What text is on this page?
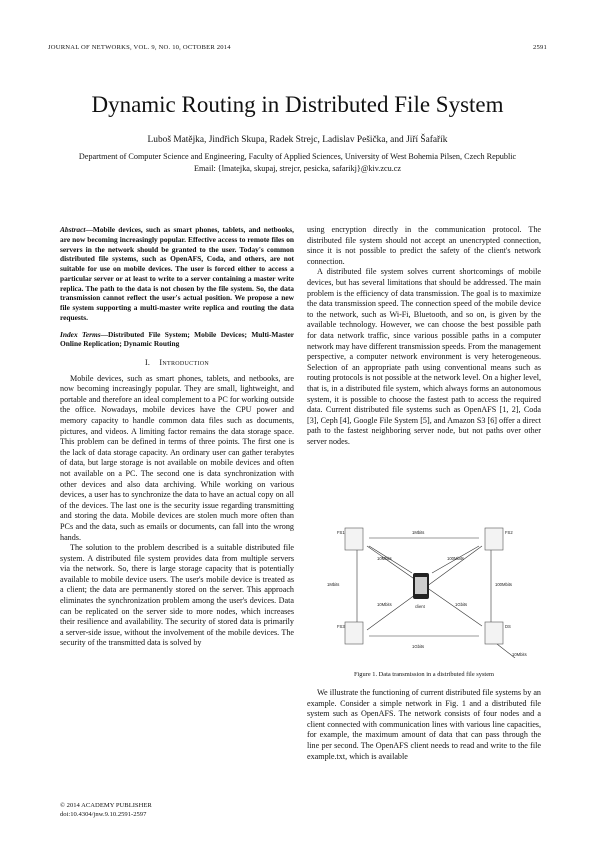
JOURNAL OF NETWORKS, VOL. 9, NO. 10, OCTOBER 2014	2591
Dynamic Routing in Distributed File System
Luboš Matějka, Jindřich Skupa, Radek Strejc, Ladislav Pešička, and Jiří Šafařík
Department of Computer Science and Engineering, Faculty of Applied Sciences, University of West Bohemia Pilsen, Czech Republic
Email: {lmatejka, skupaj, strejcr, pesicka, safarikj}@kiv.zcu.cz

Abstract—Mobile devices, such as smart phones, tablets, and netbooks, are now becoming increasingly popular. Effective access to remote files on servers in the network should be granted to the user. Today's common distributed file systems, such as OpenAFS, Coda, and others, are not suitable for use on mobile devices. The user is forced either to access a particular server or at least to write to a server containing a master write replica. The path to the data is not chosen by the file system. So, the data transmission cannot reflect the user's actual position. We propose a new file system supporting a multi-master write replica and routing the data requests.

Index Terms—Distributed File System; Mobile Devices; Multi-Master Online Replication; Dynamic Routing

I. Introduction

Mobile devices, such as smart phones, tablets, and netbooks, are now becoming increasingly popular. They are small, lightweight, and portable and therefore an ideal complement to a PC for working outside the office. Nowadays, mobile devices have the CPU power and memory capacity to handle common data files such as documents, pictures, and videos. A limiting factor remains the data storage space. This problem can be defined in terms of three points. The first one is the lack of data storage capacity. An ordinary user can gather terabytes of data, but large storage is not available on mobile devices and often not available on a PC. The second one is data synchronization with other devices and also data archiving. While working on various devices, a user has to synchronize the data to have an actual copy on all of the devices. The last one is the security issue regarding transmitting and storing the data. Mobile devices are stolen much more often than PCs and the data, such as emails or documents, can fall into the wrong hands.

The solution to the problem described is a suitable distributed file system. A distributed file system provides data from multiple servers via the network. So, there is large storage capacity that is potentially available to mobile device users. The user's mobile device is treated as a client; the data are permanently stored on the server. This approach eliminates the synchronization problem among the user's devices. Data can be replicated on the server side to more nodes, which increases their resilience and availability. The security of stored data is primarily a server-side issue, without the involvement of the mobile devices. The security of the transmitted data is solved by

using encryption directly in the communication protocol. The distributed file system should not accept an unencrypted connection, since it is not possible to predict the safety of the client's network connection.

A distributed file system solves current shortcomings of mobile devices, but has several limitations that should be addressed. The main problem is the efficiency of data transmission. The goal is to maximize the data transmission speed. The connection speed of the mobile device to the network, such as Wi-Fi, Bluetooth, and so on, is given by the available technology. However, we can choose the best possible path for data network traffic, since various possible paths in a computer network may have different transmission speeds. From the management perspective, a computer network environment is very heterogeneous. Selection of an appropriate path using conventional means such as routing protocols is not possible at the network level. On a higher level, that is, in a distributed file system, which always forms an autonomous system, it is possible to choose the fastest path to access the required data. Current distributed file systems such as OpenAFS [1, 2], Coda [3], Ceph [4], Google File System [5], and Amazon S3 [6] offer a direct path to the fastest neighboring server node, but not paths over other server nodes.

FS1	FS2
FS3	DS
client
1Mbits
10Mbits	100Mbits
100Mbits
1Mbits
10Mbits	1Gbits
1Gbits
10Mbits
Figure 1. Data transmission in a distributed file system

We illustrate the functioning of current distributed file systems by an example. Consider a simple network in Fig. 1 and a distributed file system such as OpenAFS. The network consists of four nodes and a client connected with communication lines with various line capacities, for example, the maximum amount of data that can pass through the line per second. The OpenAFS client needs to read and write to the file example.txt, which is available

© 2014 ACADEMY PUBLISHER
doi:10.4304/jnw.9.10.2591-2597
